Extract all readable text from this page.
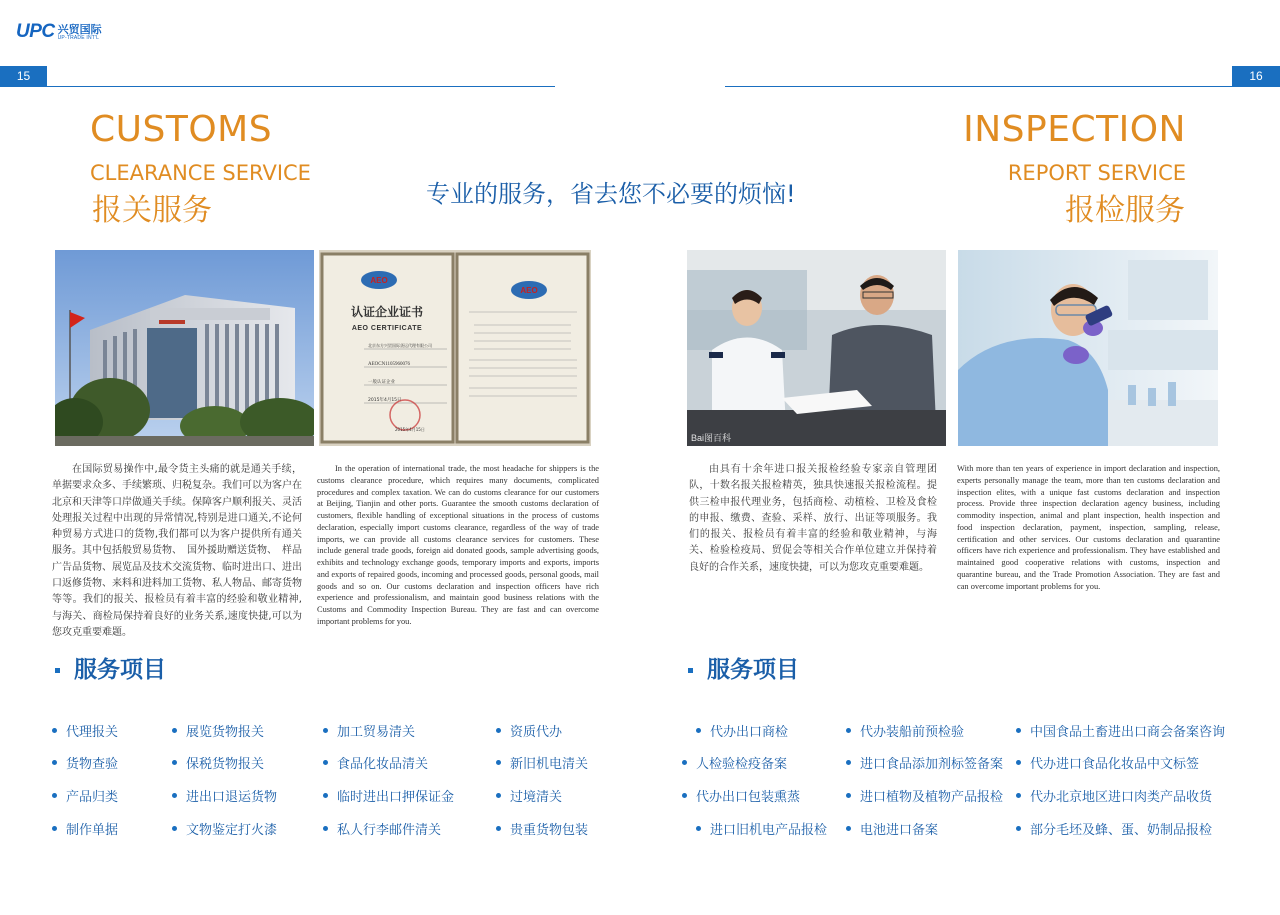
UPC 兴贸国际
UP-TRADE INT'L
15	16
CUSTOMS
CLEARANCE SERVICE
报关服务
INSPECTION
REPORT SERVICE
报检服务
专业的服务，省去您不必要的烦恼!
AEO
认证企业证书
AEO CERTIFICATE
北京东方兴贸国际货运代理有限公司
AEOCN1105960076
一般认证企业
2015年4月15日
2015年4月15日
AEO
Bai图百科

在国际贸易操作中,最令货主头痛的就是通关手续，单据要求众多、手续繁琐、归税复杂。我们可以为客户在北京和天津等口岸做通关手续。保障客户顺利报关、灵活处理报关过程中出现的异常情况,特别是进口通关,不论何种贸易方式进口的货物,我们都可以为客户提供所有通关服务。其中包括般贸易货物、　国外援助赠送货物、　样品广告品货物、展览品及技术交流货物、临时进出口、进出口返修货物、来料和进料加工货物、私人物品、邮寄货物等等。我们的报关、报检员有着丰富的经验和敬业精神,与海关、商检局保持着良好的业务关系,速度快捷,可以为您攻克重要难题。

In the operation of international trade, the most headache for shippers is the customs clearance procedure, which requires many documents, complicated procedures and complex taxation. We can do customs clearance for our customers at Beijing, Tianjin and other ports. Guarantee the smooth customs declaration of customers, flexible handling of exceptional situations in the process of customs declaration, especially import customs clearance, regardless of the way of trade imports, we can provide all customs clearance services for customers. These include general trade goods, foreign aid donated goods, sample advertising goods, exhibits and technology exchange goods, temporary imports and exports, imports and exports of repaired goods, incoming and processed goods, personal goods, mail goods and so on. Our customs declaration and inspection officers have rich experience and professionalism, and maintain good business relations with the Customs and Commodity Inspection Bureau. They are fast and can overcome important problems for you.

由具有十余年进口报关报检经验专家亲自管理团队，十数名报关报检精英，独具快速报关报检流程。提供三检申报代理业务，包括商检、动植检、卫检及食检的申报、缴费、查验、采样、放行、出证等项服务。我们的报关、报检员有着丰富的经验和敬业精神，与海关、检验检疫局、贸促会等相关合作单位建立并保持着良好的合作关系，速度快捷，可以为您攻克重要难题。

With more than ten years of experience in import declaration and inspection, experts personally manage the team, more than ten customs declaration and inspection elites, with a unique fast customs declaration and inspection process. Provide three inspection declaration agency business, including commodity inspection, animal and plant inspection, health inspection and food inspection declaration, payment, inspection, sampling, release, certification and other services. Our customs declaration and quarantine officers have rich experience and professionalism. They have established and maintained good cooperative relations with customs, inspection and quarantine bureau, and the Trade Promotion Association. They are fast and can overcome important problems for you.

服务项目	服务项目
代理报关	展览货物报关	加工贸易清关	资质代办
货物查验	保税货物报关	食品化妆品清关	新旧机电清关
产品归类	进出口退运货物	临时进出口押保证金	过境清关
制作单据	文物鉴定打火漆	私人行李邮件清关	贵重货物包装
代办出口商检	代办装船前预检验	中国食品土畜进出口商会备案咨询
人检验检疫备案	进口食品添加剂标签备案 代办进口食品化妆品中文标签
代办出口包装熏蒸	进口植物及植物产品报检 代办北京地区进口肉类产品收货
进口旧机电产品报检	电池进口备案	部分毛坯及蜂、蛋、奶制品报检
